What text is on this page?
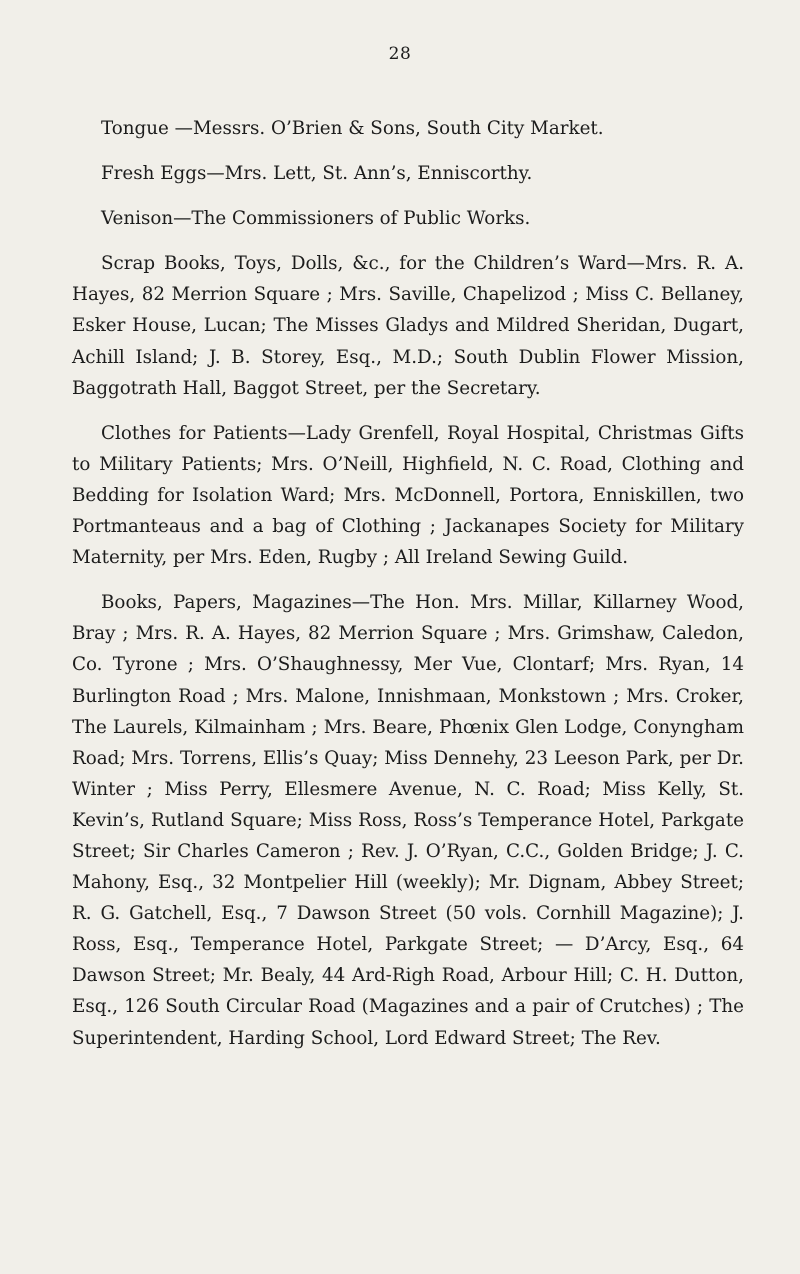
28

Tongue —Messrs. O’Brien & Sons, South City Market.

Fresh Eggs—Mrs. Lett, St. Ann’s, Enniscorthy.

Venison—The Commissioners of Public Works.

Scrap Books, Toys, Dolls, &c., for the Children’s Ward—Mrs. R. A. Hayes, 82 Merrion Square ; Mrs. Saville, Chapelizod ; Miss C. Bellaney, Esker House, Lucan; The Misses Gladys and Mildred Sheridan, Dugart, Achill Island; J. B. Storey, Esq., M.D.; South Dublin Flower Mission, Baggotrath Hall, Baggot Street, per the Secretary.

Clothes for Patients—Lady Grenfell, Royal Hospital, Christmas Gifts to Military Patients; Mrs. O’Neill, Highfield, N. C. Road, Clothing and Bedding for Isolation Ward; Mrs. McDonnell, Portora, Enniskillen, two Portmanteaus and a bag of Clothing ; Jackanapes Society for Military Maternity, per Mrs. Eden, Rugby ; All Ireland Sewing Guild.

Books, Papers, Magazines—The Hon. Mrs. Millar, Killarney Wood, Bray ; Mrs. R. A. Hayes, 82 Merrion Square ; Mrs. Grimshaw, Caledon, Co. Tyrone ; Mrs. O’Shaughnessy, Mer Vue, Clontarf; Mrs. Ryan, 14 Burlington Road ; Mrs. Malone, Innishmaan, Monkstown ; Mrs. Croker, The Laurels, Kilmainham ; Mrs. Beare, Phœnix Glen Lodge, Conyngham Road; Mrs. Torrens, Ellis’s Quay; Miss Dennehy, 23 Leeson Park, per Dr. Winter ; Miss Perry, Ellesmere Avenue, N. C. Road; Miss Kelly, St. Kevin’s, Rutland Square; Miss Ross, Ross’s Temperance Hotel, Parkgate Street; Sir Charles Cameron ; Rev. J. O’Ryan, C.C., Golden Bridge; J. C. Mahony, Esq., 32 Montpelier Hill (weekly); Mr. Dignam, Abbey Street; R. G. Gatchell, Esq., 7 Dawson Street (50 vols. Cornhill Magazine); J. Ross, Esq., Temperance Hotel, Parkgate Street; — D’Arcy, Esq., 64 Dawson Street; Mr. Bealy, 44 Ard-Righ Road, Arbour Hill; C. H. Dutton, Esq., 126 South Circular Road (Magazines and a pair of Crutches) ; The Superintendent, Harding School, Lord Edward Street; The Rev.
